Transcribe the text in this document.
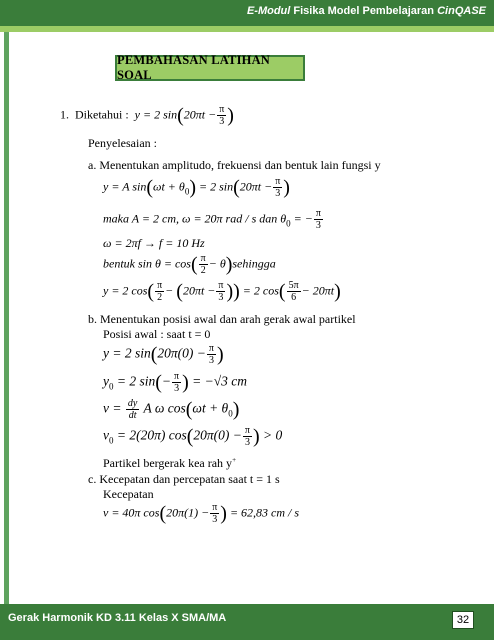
E-Modul Fisika Model Pembelajaran CinQASE
PEMBAHASAN LATIHAN SOAL
1. Diketahui : y = 2 $\sin(20\pi t - \frac{\pi}{3}$ )
Penyelesaian :
a. Menentukan amplitudo, frekuensi dan bentuk lain fungsi y
y = A $\sin(\omega t + \theta_0) = 2$ $\sin(20\pi t - \frac{\pi}{3}$ )
maka A = 2 cm, ω = 20π rad / s dan $\theta_0$ = − $\frac{\pi}{3}$
ω = 2πf → f = 10 Hz
bentuk $\sin \theta = \cos( \frac{\pi}{2}$ − θ)sehingga
y = 2 $\cos( \frac{\pi}{2} - (20\pi t - \frac{\pi}{3}$ )) = 2 $\cos( \frac{5\pi}{6} - 20\pi t)$
b. Menentukan posisi awal dan arah gerak awal partikel
Posisi awal : saat t = 0
y = 2 $\sin(20\pi(0) - \frac{\pi}{3}$ )
$y_0 = 2$ $\sin(- \frac{\pi}{3}$ ) = −√3 cm
$v = \frac{dy}{dt}$ A ω $\cos(\omega t + \theta_0)$
$v_0 = 2(20\pi) \cos(20\pi(0) - \frac{\pi}{3}$ ) > 0
Partikel bergerak kea rah y+
c. Kecepatan dan percepatan saat t = 1 s
Kecepatan
v = 40π $\cos(20\pi(1) - \frac{\pi}{3}$ ) = 62,83 cm / s
Gerak Harmonik KD 3.11 Kelas X SMA/MA	32
